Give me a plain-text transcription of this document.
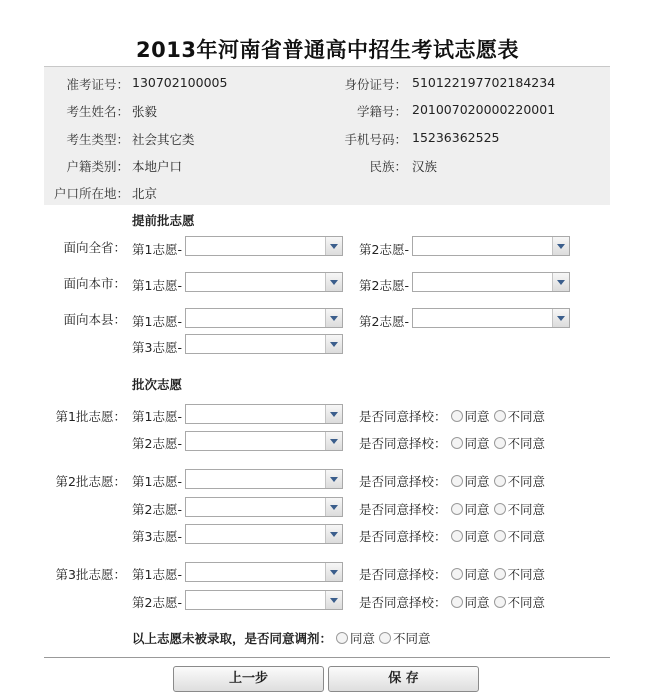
2013年河南省普通高中招生考试志愿表
准考证号： 130702100005	身份证号： 510122197702184234
考生姓名： 张毅	学籍号： 201007020000220001
考生类型： 社会其它类	手机号码： 15236362525
户籍类别： 本地户口	民族： 汉族
户口所在地： 北京
提前批志愿
面向全省： 第1志愿-	第2志愿-
面向本市： 第1志愿-	第2志愿-
面向本县： 第1志愿-	第2志愿-
第3志愿-
批次志愿
第1批志愿： 第1志愿-	是否同意择校： 同意 不同意
第2志愿-	是否同意择校： 同意 不同意
第2批志愿： 第1志愿-	是否同意择校： 同意 不同意
第2志愿-	是否同意择校： 同意 不同意
第3志愿-	是否同意择校： 同意 不同意
第3批志愿： 第1志愿-	是否同意择校： 同意 不同意
第2志愿-	是否同意择校： 同意 不同意
以上志愿未被录取，是否同意调剂： 同意 不同意
上一步	保 存
